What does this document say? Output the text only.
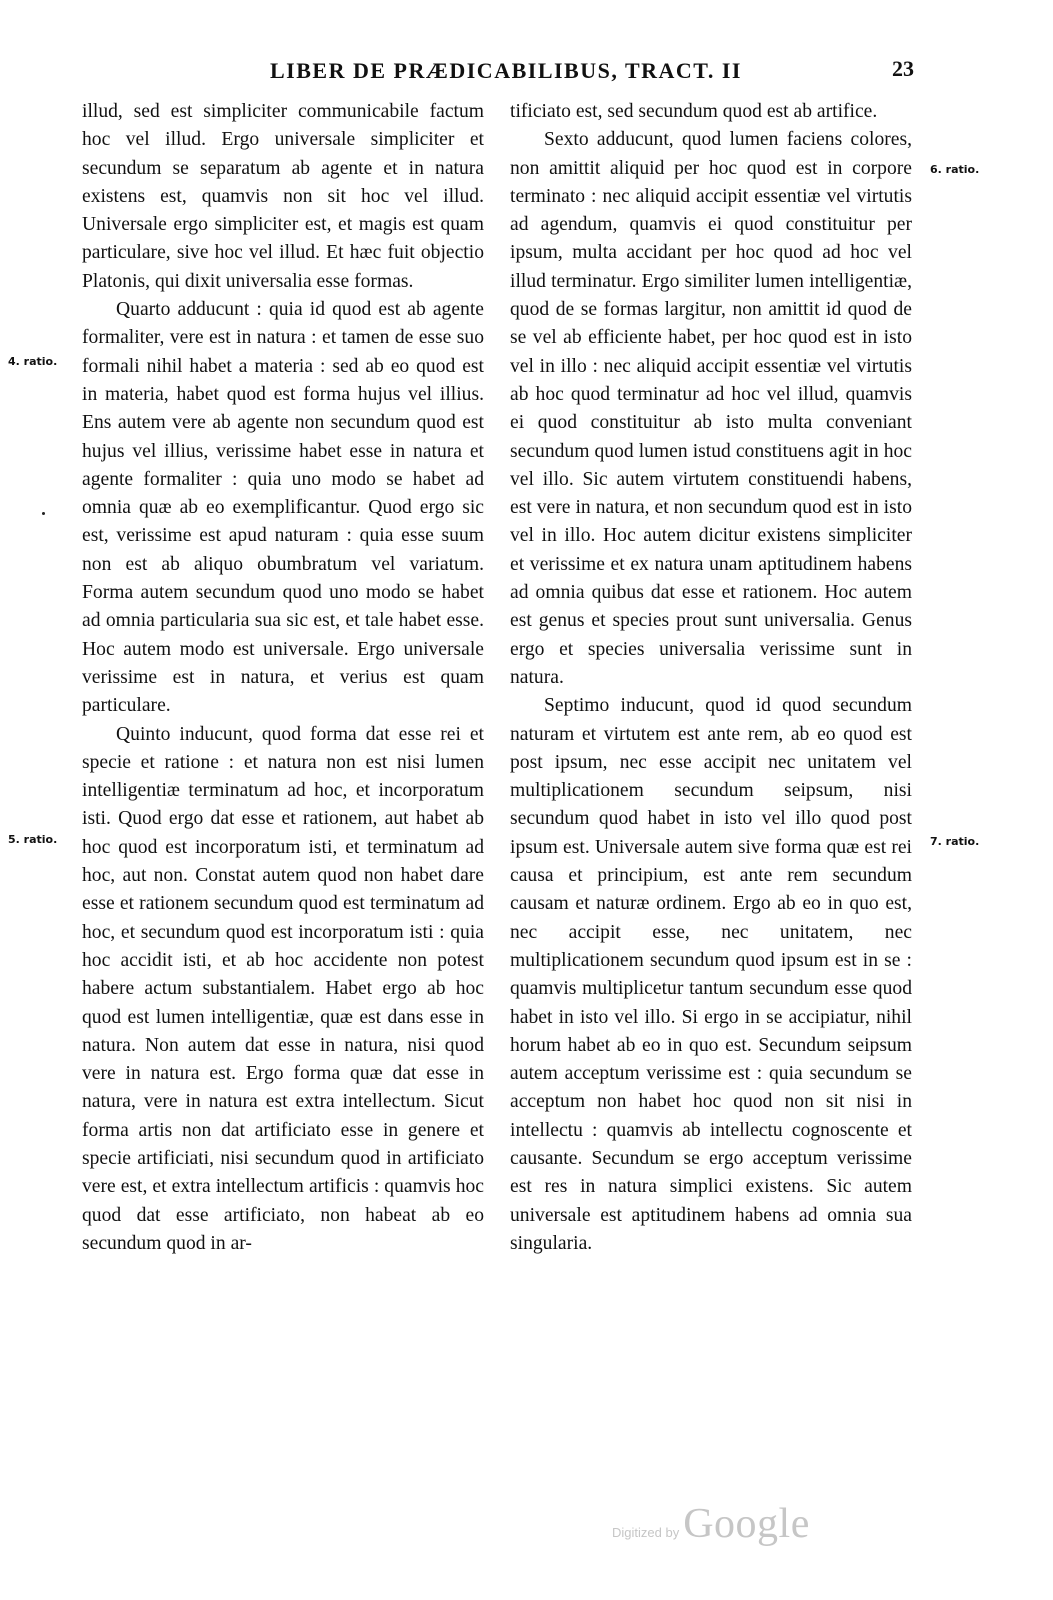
LIBER DE PRÆDICABILIBUS, TRACT. II	23
4. ratio.
5. ratio.
6. ratio.
7. ratio.

illud, sed est simpliciter communicabile factum hoc vel illud. Ergo universale simpliciter et secundum se separatum ab agente et in natura existens est, quamvis non sit hoc vel illud. Universale ergo simpliciter est, et magis est quam particulare, sive hoc vel illud. Et hæc fuit objectio Platonis, qui dixit universalia esse formas.

Quarto adducunt : quia id quod est ab agente formaliter, vere est in natura : et tamen de esse suo formali nihil habet a materia : sed ab eo quod est in materia, habet quod est forma hujus vel illius. Ens autem vere ab agente non secundum quod est hujus vel illius, verissime habet esse in natura et agente formaliter : quia uno modo se habet ad omnia quæ ab eo exemplificantur. Quod ergo sic est, verissime est apud naturam : quia esse suum non est ab aliquo obumbratum vel variatum. Forma autem secundum quod uno modo se habet ad omnia particularia sua sic est, et tale habet esse. Hoc autem modo est universale. Ergo universale verissime est in natura, et verius est quam particulare.

Quinto inducunt, quod forma dat esse rei et specie et ratione : et natura non est nisi lumen intelligentiæ terminatum ad hoc, et incorporatum isti. Quod ergo dat esse et rationem, aut habet ab hoc quod est incorporatum isti, et terminatum ad hoc, aut non. Constat autem quod non habet dare esse et rationem secundum quod est terminatum ad hoc, et secundum quod est incorporatum isti : quia hoc accidit isti, et ab hoc accidente non potest habere actum substantialem. Habet ergo ab hoc quod est lumen intelligentiæ, quæ est dans esse in natura. Non autem dat esse in natura, nisi quod vere in natura est. Ergo forma quæ dat esse in natura, vere in natura est extra intellectum. Sicut forma artis non dat artificiato esse in genere et specie artificiati, nisi secundum quod in artificiato vere est, et extra intellectum artificis : quamvis hoc quod dat esse artificiato, non habeat ab eo secundum quod in ar-

tificiato est, sed secundum quod est ab artifice.

Sexto adducunt, quod lumen faciens colores, non amittit aliquid per hoc quod est in corpore terminato : nec aliquid accipit essentiæ vel virtutis ad agendum, quamvis ei quod constituitur per ipsum, multa accidant per hoc quod ad hoc vel illud terminatur. Ergo similiter lumen intelligentiæ, quod de se formas largitur, non amittit id quod de se vel ab efficiente habet, per hoc quod est in isto vel in illo : nec aliquid accipit essentiæ vel virtutis ab hoc quod terminatur ad hoc vel illud, quamvis ei quod constituitur ab isto multa conveniant secundum quod lumen istud constituens agit in hoc vel illo. Sic autem virtutem constituendi habens, est vere in natura, et non secundum quod est in isto vel in illo. Hoc autem dicitur existens simpliciter et verissime et ex natura unam aptitudinem habens ad omnia quibus dat esse et rationem. Hoc autem est genus et species prout sunt universalia. Genus ergo et species universalia verissime sunt in natura.

Septimo inducunt, quod id quod secundum naturam et virtutem est ante rem, ab eo quod est post ipsum, nec esse accipit nec unitatem vel multiplicationem secundum seipsum, nisi secundum quod habet in isto vel illo quod post ipsum est. Universale autem sive forma quæ est rei causa et principium, est ante rem secundum causam et naturæ ordinem. Ergo ab eo in quo est, nec accipit esse, nec unitatem, nec multiplicationem secundum quod ipsum est in se : quamvis multiplicetur tantum secundum esse quod habet in isto vel illo. Si ergo in se accipiatur, nihil horum habet ab eo in quo est. Secundum seipsum autem acceptum verissime est : quia secundum se acceptum non habet hoc quod non sit nisi in intellectu : quamvis ab intellectu cognoscente et causante. Secundum se ergo acceptum verissime est res in natura simplici existens. Sic autem universale est aptitudinem habens ad omnia sua singularia.

Digitized by Google
